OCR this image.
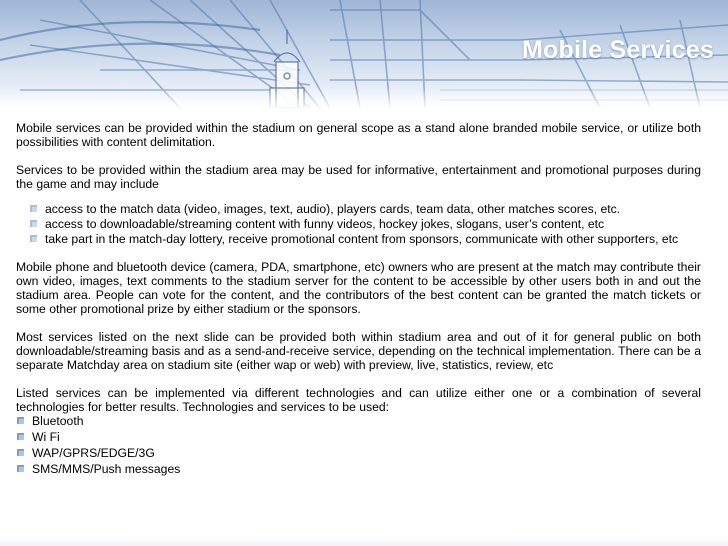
Mobile Services

Mobile services can be provided within the stadium on general scope as a stand alone branded mobile service, or utilize both possibilities with content delimitation.

Services to be provided within the stadium area may be used for informative, entertainment and promotional purposes during the game and may include

access to the match data (video, images, text, audio), players cards, team data, other matches scores, etc.
access to downloadable/streaming content with funny videos, hockey jokes, slogans, user’s content, etc
take part in the match-day lottery, receive promotional content from sponsors, communicate with other supporters, etc

Mobile phone and bluetooth device (camera, PDA, smartphone, etc) owners who are present at the match may contribute their own video, images, text comments to the stadium server for the content to be accessible by other users both in and out the stadium area. People can vote for the content, and the contributors of the best content can be granted the match tickets or some other promotional prize by either stadium or the sponsors.

Most services listed on the next slide can be provided both within stadium area and out of it for general public on both downloadable/streaming basis and as a send-and-receive service, depending on the technical implementation. There can be a separate Matchday area on stadium site (either wap or web) with preview, live, statistics, review, etc

Listed services can be implemented via different technologies and can utilize either one or a combination of several technologies for better results. Technologies and services to be used:

Bluetooth
Wi Fi
WAP/GPRS/EDGE/3G
SMS/MMS/Push messages
